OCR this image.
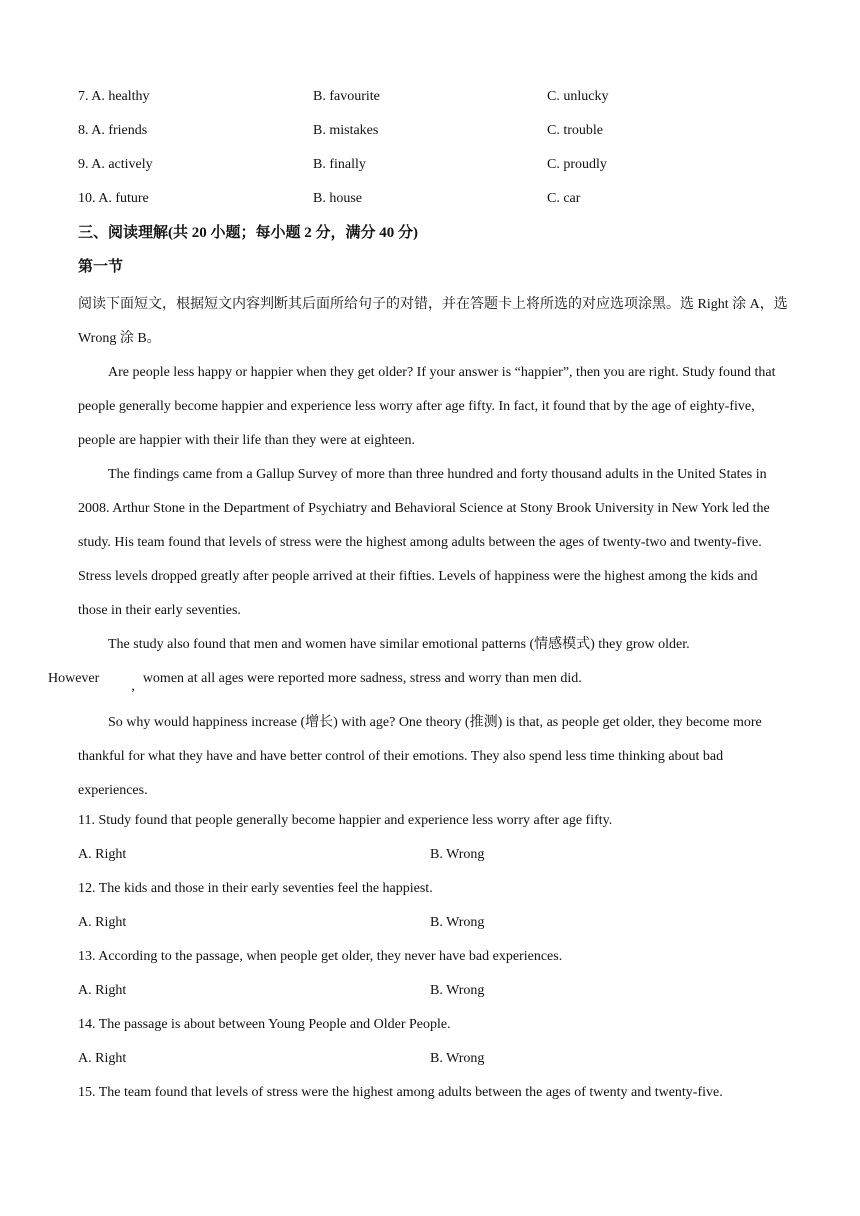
7. A. healthy	B. favourite	C. unlucky
8. A. friends	B. mistakes	C. trouble
9. A. actively	B. finally	C. proudly
10. A. future	B. house	C. car
三、阅读理解(共 20 小题；每小题 2 分，满分 40 分)
第一节

阅读下面短文，根据短文内容判断其后面所给句子的对错，并在答题卡上将所选的对应选项涂黑。选 Right 涂 A，选 Wrong 涂 B。

Are people less happy or happier when they get older? If your answer is “happier”, then you are right. Study found that people generally become happier and experience less worry after age fifty. In fact, it found that by the age of eighty-five, people are happier with their life than they were at eighteen.

The findings came from a Gallup Survey of more than three hundred and forty thousand adults in the United States in 2008. Arthur Stone in the Department of Psychiatry and Behavioral Science at Stony Brook University in New York led the study. His team found that levels of stress were the highest among adults between the ages of twenty-two and twenty-five. Stress levels dropped greatly after people arrived at their fifties. Levels of happiness were the highest among the kids and those in their early seventies.

The study also found that men and women have similar emotional patterns (情感模式) they grow older.
However,women at all ages were reported more sadness, stress and worry than men did.

So why would happiness increase (增长) with age? One theory (推测) is that, as people get older, they become more thankful for what they have and have better control of their emotions. They also spend less time thinking about bad experiences.

11. Study found that people generally become happier and experience less worry after age fifty.
A. Right	B. Wrong
12. The kids and those in their early seventies feel the happiest.
A. Right	B. Wrong
13. According to the passage, when people get older, they never have bad experiences.
A. Right	B. Wrong
14. The passage is about between Young People and Older People.
A. Right	B. Wrong
15. The team found that levels of stress were the highest among adults between the ages of twenty and twenty-five.
